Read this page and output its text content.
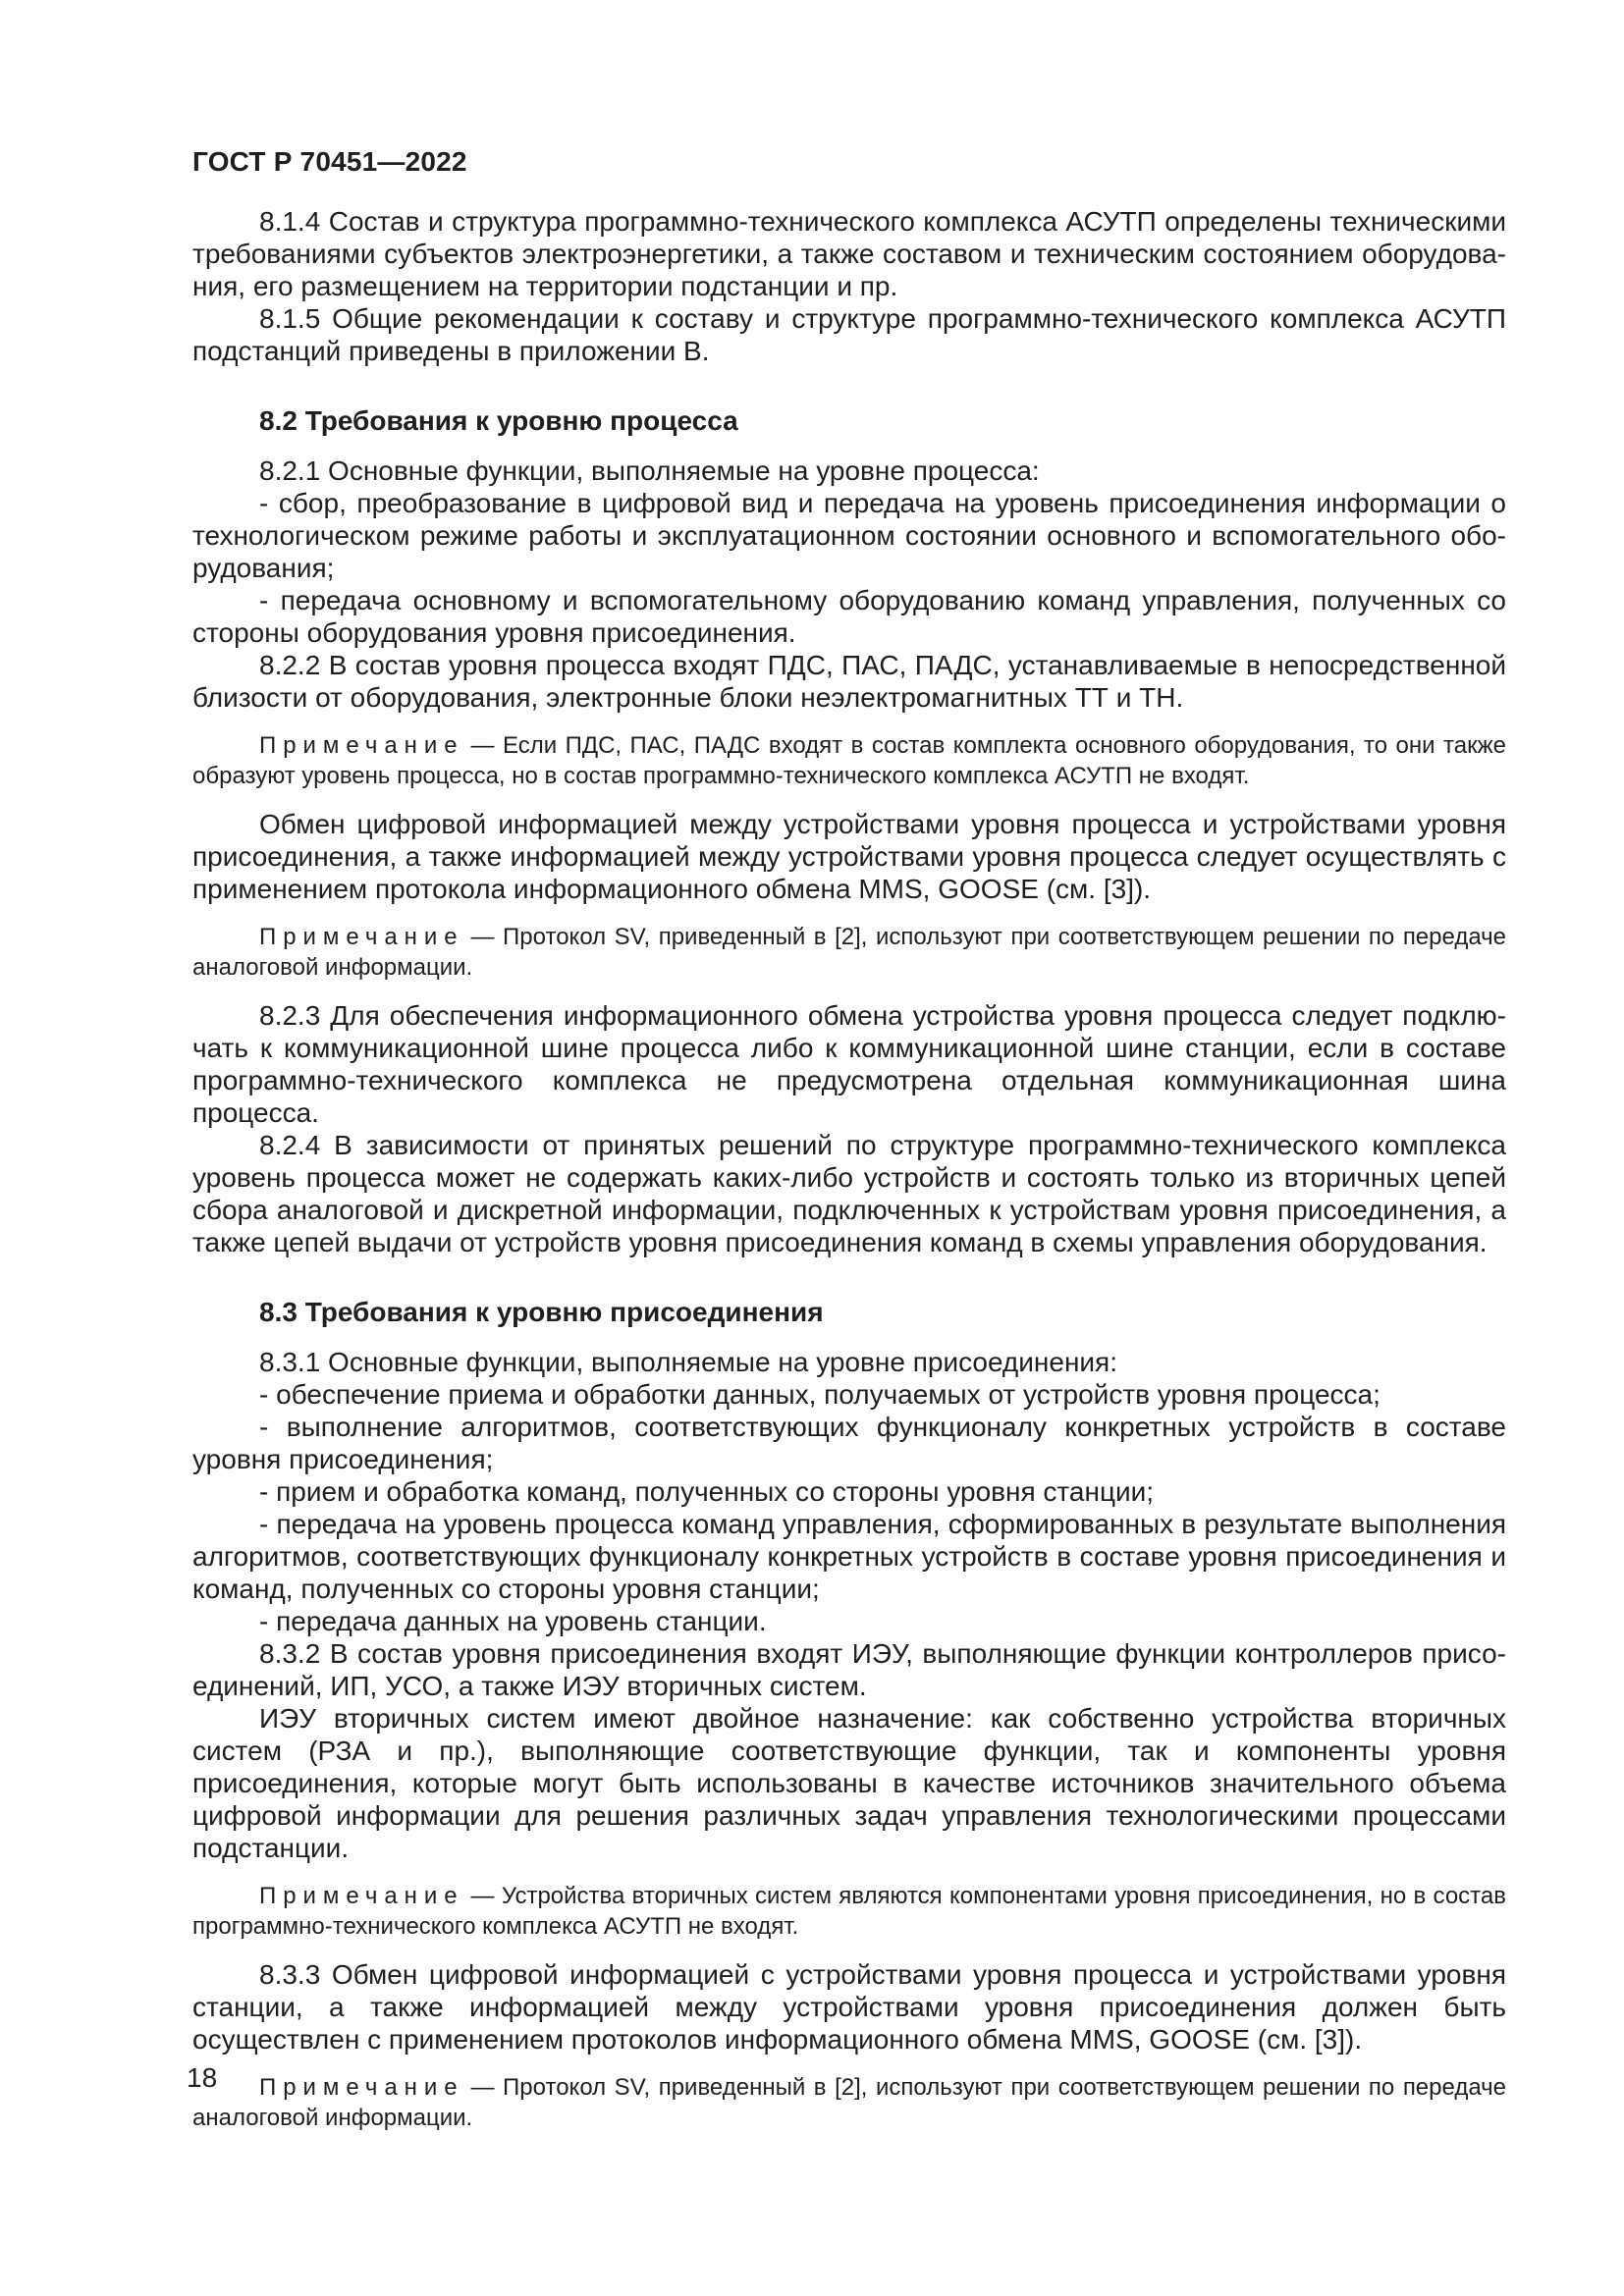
ГОСТ Р 70451—2022
8.1.4 Состав и структура программно-технического комплекса АСУТП определены техническими требованиями субъектов электроэнергетики, а также составом и техническим состоянием оборудования, его размещением на территории подстанции и пр.
8.1.5 Общие рекомендации к составу и структуре программно-технического комплекса АСУТП подстанций приведены в приложении В.
8.2 Требования к уровню процесса
8.2.1 Основные функции, выполняемые на уровне процесса:
- сбор, преобразование в цифровой вид и передача на уровень присоединения информации о технологическом режиме работы и эксплуатационном состоянии основного и вспомогательного оборудования;
- передача основному и вспомогательному оборудованию команд управления, полученных со стороны оборудования уровня присоединения.
8.2.2 В состав уровня процесса входят ПДС, ПАС, ПАДС, устанавливаемые в непосредственной близости от оборудования, электронные блоки неэлектромагнитных ТТ и ТН.
Примечание — Если ПДС, ПАС, ПАДС входят в состав комплекта основного оборудования, то они также образуют уровень процесса, но в состав программно-технического комплекса АСУТП не входят.
Обмен цифровой информацией между устройствами уровня процесса и устройствами уровня присоединения, а также информацией между устройствами уровня процесса следует осуществлять с применением протокола информационного обмена MMS, GOOSE (см. [3]).
Примечание — Протокол SV, приведенный в [2], используют при соответствующем решении по передаче аналоговой информации.
8.2.3 Для обеспечения информационного обмена устройства уровня процесса следует подключать к коммуникационной шине процесса либо к коммуникационной шине станции, если в составе программно-технического комплекса не предусмотрена отдельная коммуникационная шина процесса.
8.2.4 В зависимости от принятых решений по структуре программно-технического комплекса уровень процесса может не содержать каких-либо устройств и состоять только из вторичных цепей сбора аналоговой и дискретной информации, подключенных к устройствам уровня присоединения, а также цепей выдачи от устройств уровня присоединения команд в схемы управления оборудования.
8.3 Требования к уровню присоединения
8.3.1 Основные функции, выполняемые на уровне присоединения:
- обеспечение приема и обработки данных, получаемых от устройств уровня процесса;
- выполнение алгоритмов, соответствующих функционалу конкретных устройств в составе уровня присоединения;
- прием и обработка команд, полученных со стороны уровня станции;
- передача на уровень процесса команд управления, сформированных в результате выполнения алгоритмов, соответствующих функционалу конкретных устройств в составе уровня присоединения и команд, полученных со стороны уровня станции;
- передача данных на уровень станции.
8.3.2 В состав уровня присоединения входят ИЭУ, выполняющие функции контроллеров присоединений, ИП, УСО, а также ИЭУ вторичных систем.
ИЭУ вторичных систем имеют двойное назначение: как собственно устройства вторичных систем (РЗА и пр.), выполняющие соответствующие функции, так и компоненты уровня присоединения, которые могут быть использованы в качестве источников значительного объема цифровой информации для решения различных задач управления технологическими процессами подстанции.
Примечание — Устройства вторичных систем являются компонентами уровня присоединения, но в состав программно-технического комплекса АСУТП не входят.
8.3.3 Обмен цифровой информацией с устройствами уровня процесса и устройствами уровня станции, а также информацией между устройствами уровня присоединения должен быть осуществлен с применением протоколов информационного обмена MMS, GOOSE (см. [3]).
Примечание — Протокол SV, приведенный в [2], используют при соответствующем решении по передаче аналоговой информации.
18
